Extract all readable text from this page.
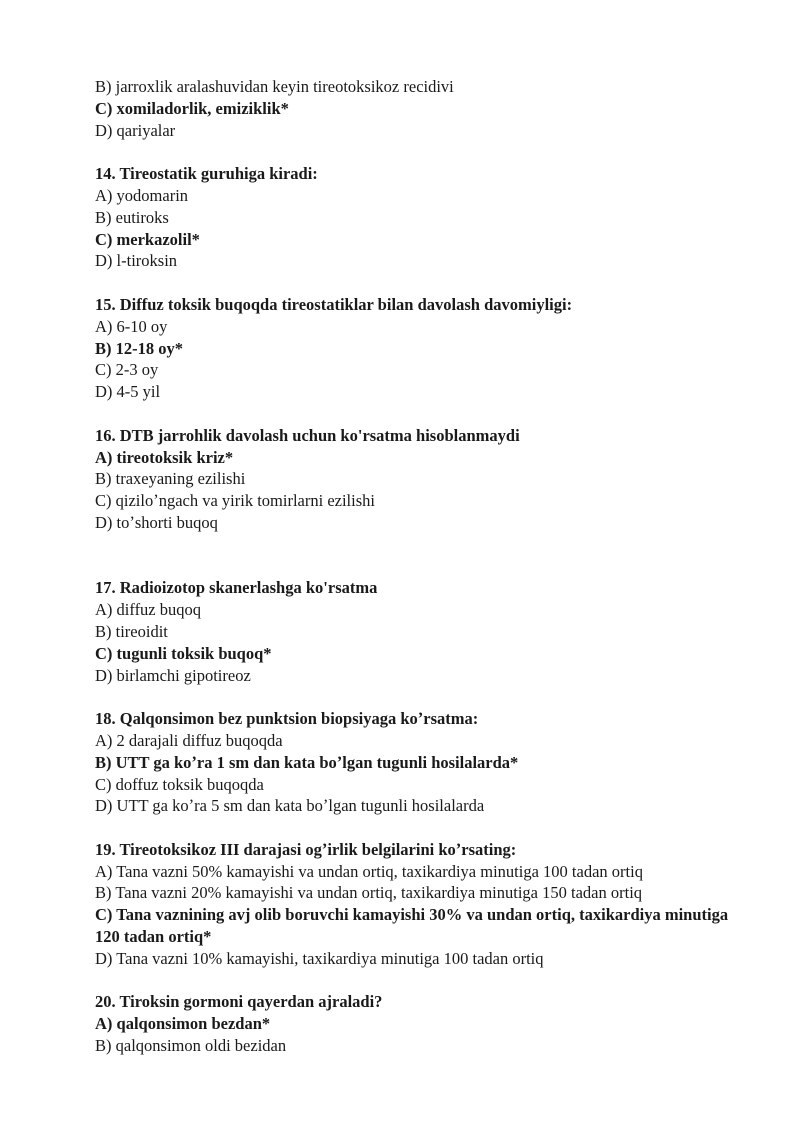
B) jarroxlik aralashuvidan keyin tireotoksikoz recidivi
C) xomiladorlik, emiziklik*
D) qariyalar
14. Tireostatik guruhiga kiradi:
A) yodomarin
B) eutiroks
C) merkazolil*
D) l-tiroksin
15. Diffuz toksik buqoqda tireostatiklar bilan davolash davomiyligi:
A) 6-10 oy
B) 12-18 oy*
C) 2-3 oy
D) 4-5 yil
16. DTB jarrohlik davolash uchun ko'rsatma hisoblanmaydi
A) tireotoksik kriz*
B) traxeyaning ezilishi
C) qiziloʼngach va yirik tomirlarni ezilishi
D) toʼshorti buqoq
17. Radioizotop skanerlashga ko'rsatma
A) diffuz buqoq
B) tireoidit
C) tugunli toksik buqoq*
D) birlamchi gipotireoz
18. Qalqonsimon bez punktsion biopsiyaga koʼrsatma:
A) 2 darajali diffuz buqoqda
B) UTT ga koʼra 1 sm dan kata boʼlgan tugunli hosilalarda*
C) doffuz toksik buqoqda
D) UTT ga koʼra 5 sm dan kata boʼlgan tugunli hosilalarda
19. Tireotoksikoz III darajasi ogʼirlik belgilarini koʼrsating:
A) Tana vazni 50% kamayishi va undan ortiq, taxikardiya minutiga 100 tadan ortiq
B) Tana vazni 20% kamayishi va undan ortiq, taxikardiya minutiga 150 tadan ortiq
C) Tana vaznining avj olib boruvchi kamayishi 30% va undan ortiq, taxikardiya minutiga 120 tadan ortiq*
D) Tana vazni 10% kamayishi, taxikardiya minutiga 100 tadan ortiq
20. Tiroksin gormoni qayerdan ajraladi?
A) qalqonsimon bezdan*
B) qalqonsimon oldi bezidan
